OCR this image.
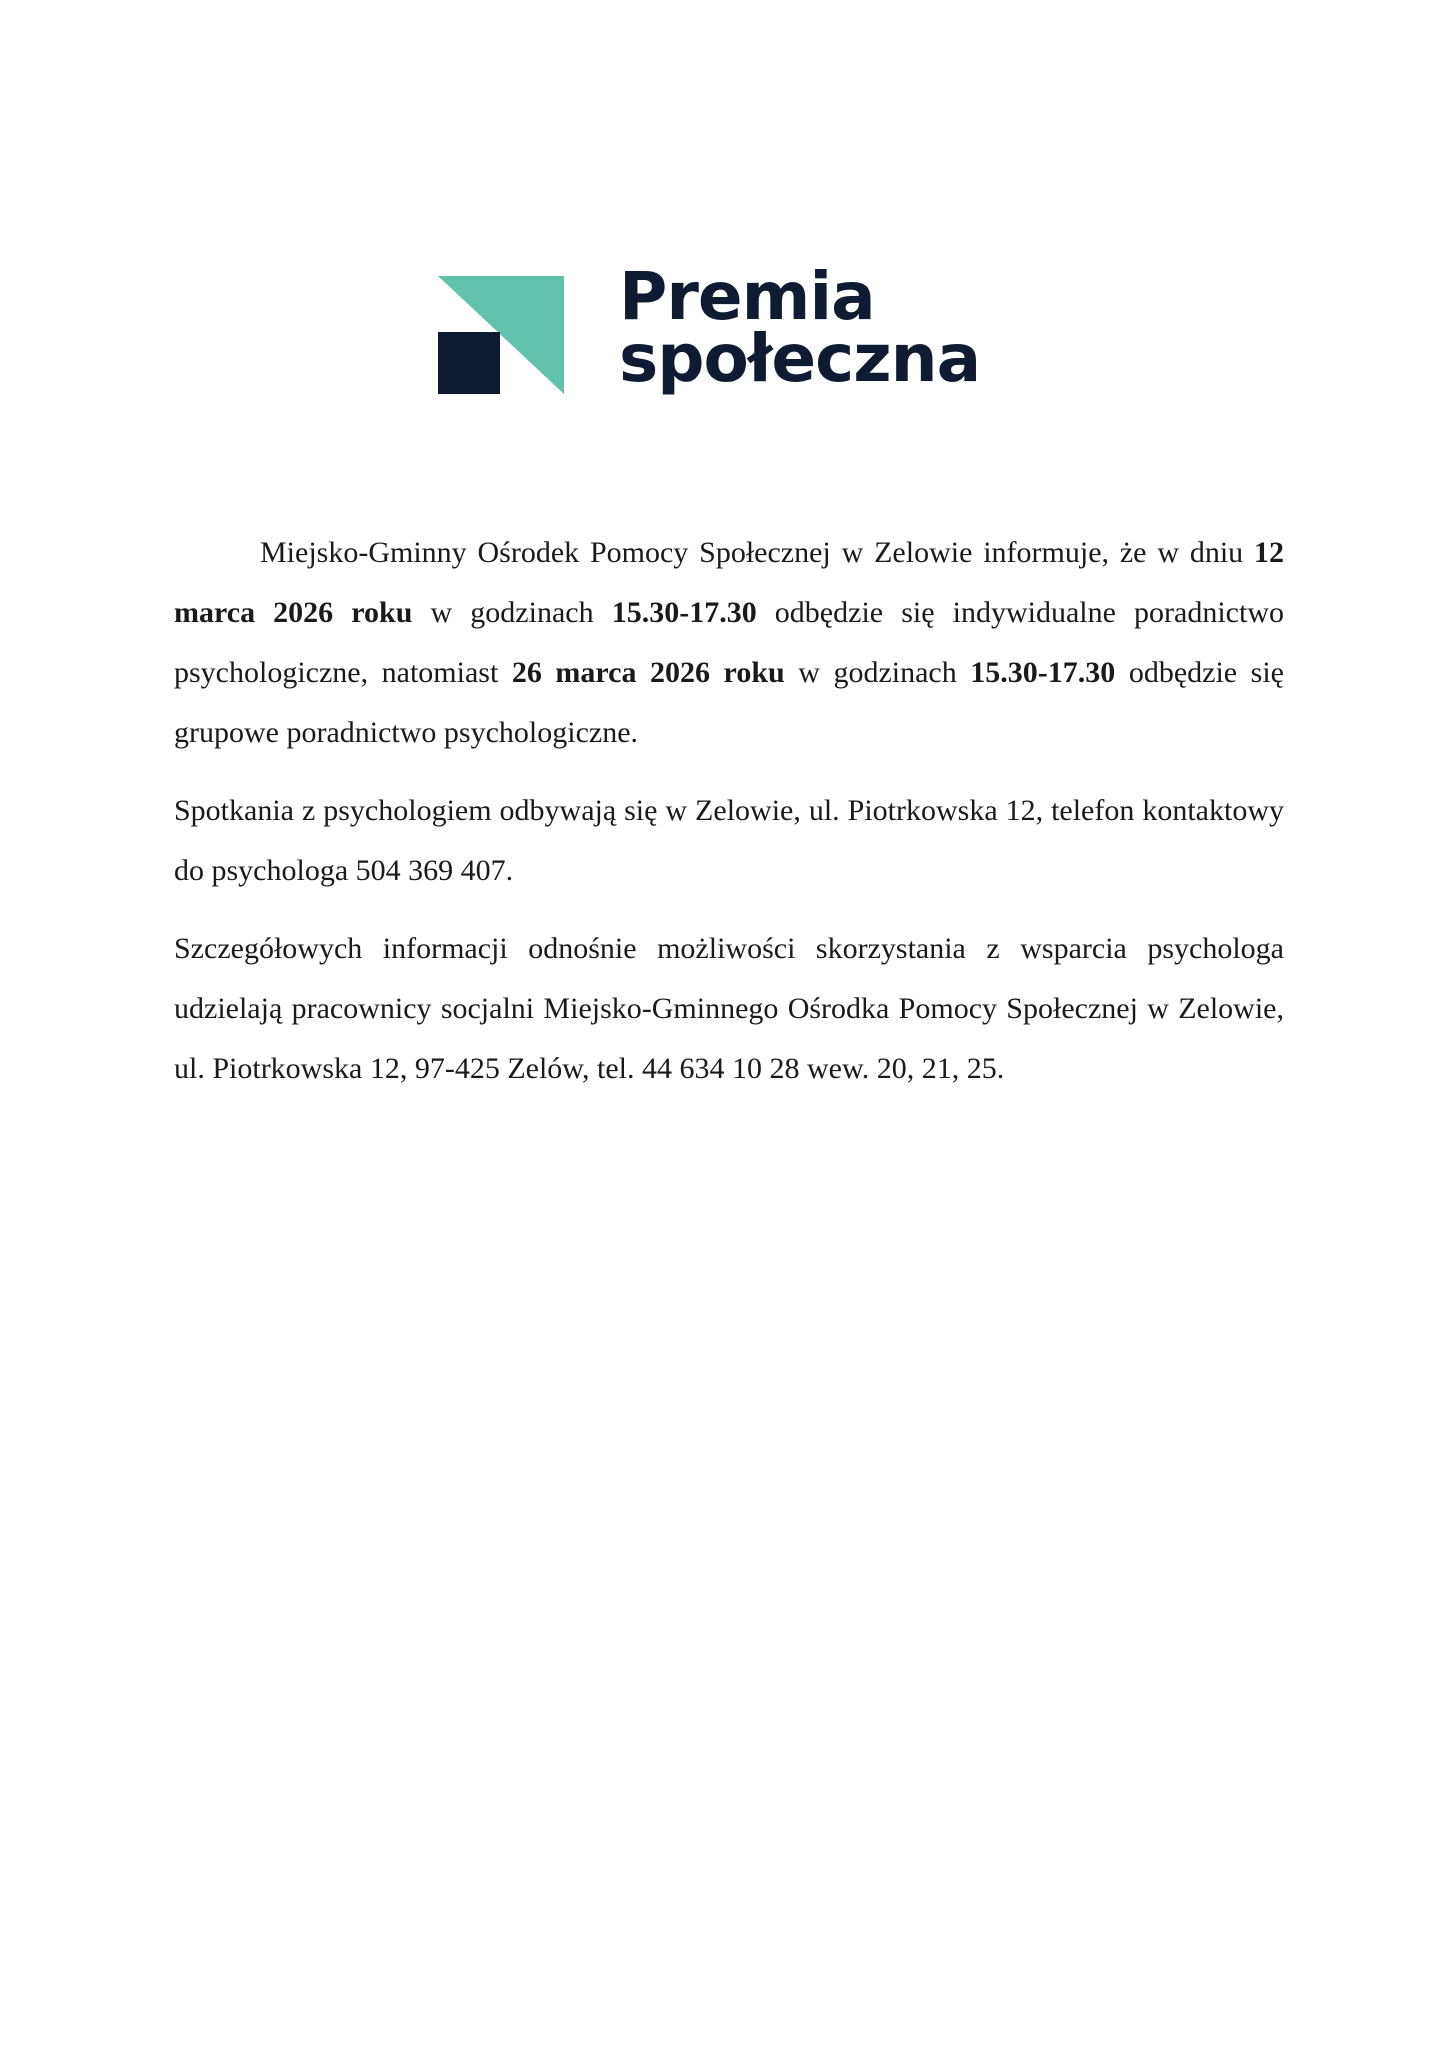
Premia
społeczna

Miejsko-Gminny Ośrodek Pomocy Społecznej w Zelowie informuje, że w dniu 12 marca 2026 roku w godzinach 15.30-17.30 odbędzie się indywidualne poradnictwo psychologiczne, natomiast 26 marca 2026 roku w godzinach 15.30-17.30 odbędzie się grupowe poradnictwo psychologiczne.

Spotkania z psychologiem odbywają się w Zelowie, ul. Piotrkowska 12, telefon kontaktowy do psychologa 504 369 407.

Szczegółowych informacji odnośnie możliwości skorzystania z wsparcia psychologa udzielają pracownicy socjalni Miejsko-Gminnego Ośrodka Pomocy Społecznej w Zelowie, ul. Piotrkowska 12, 97-425 Zelów, tel. 44 634 10 28 wew. 20, 21, 25.
